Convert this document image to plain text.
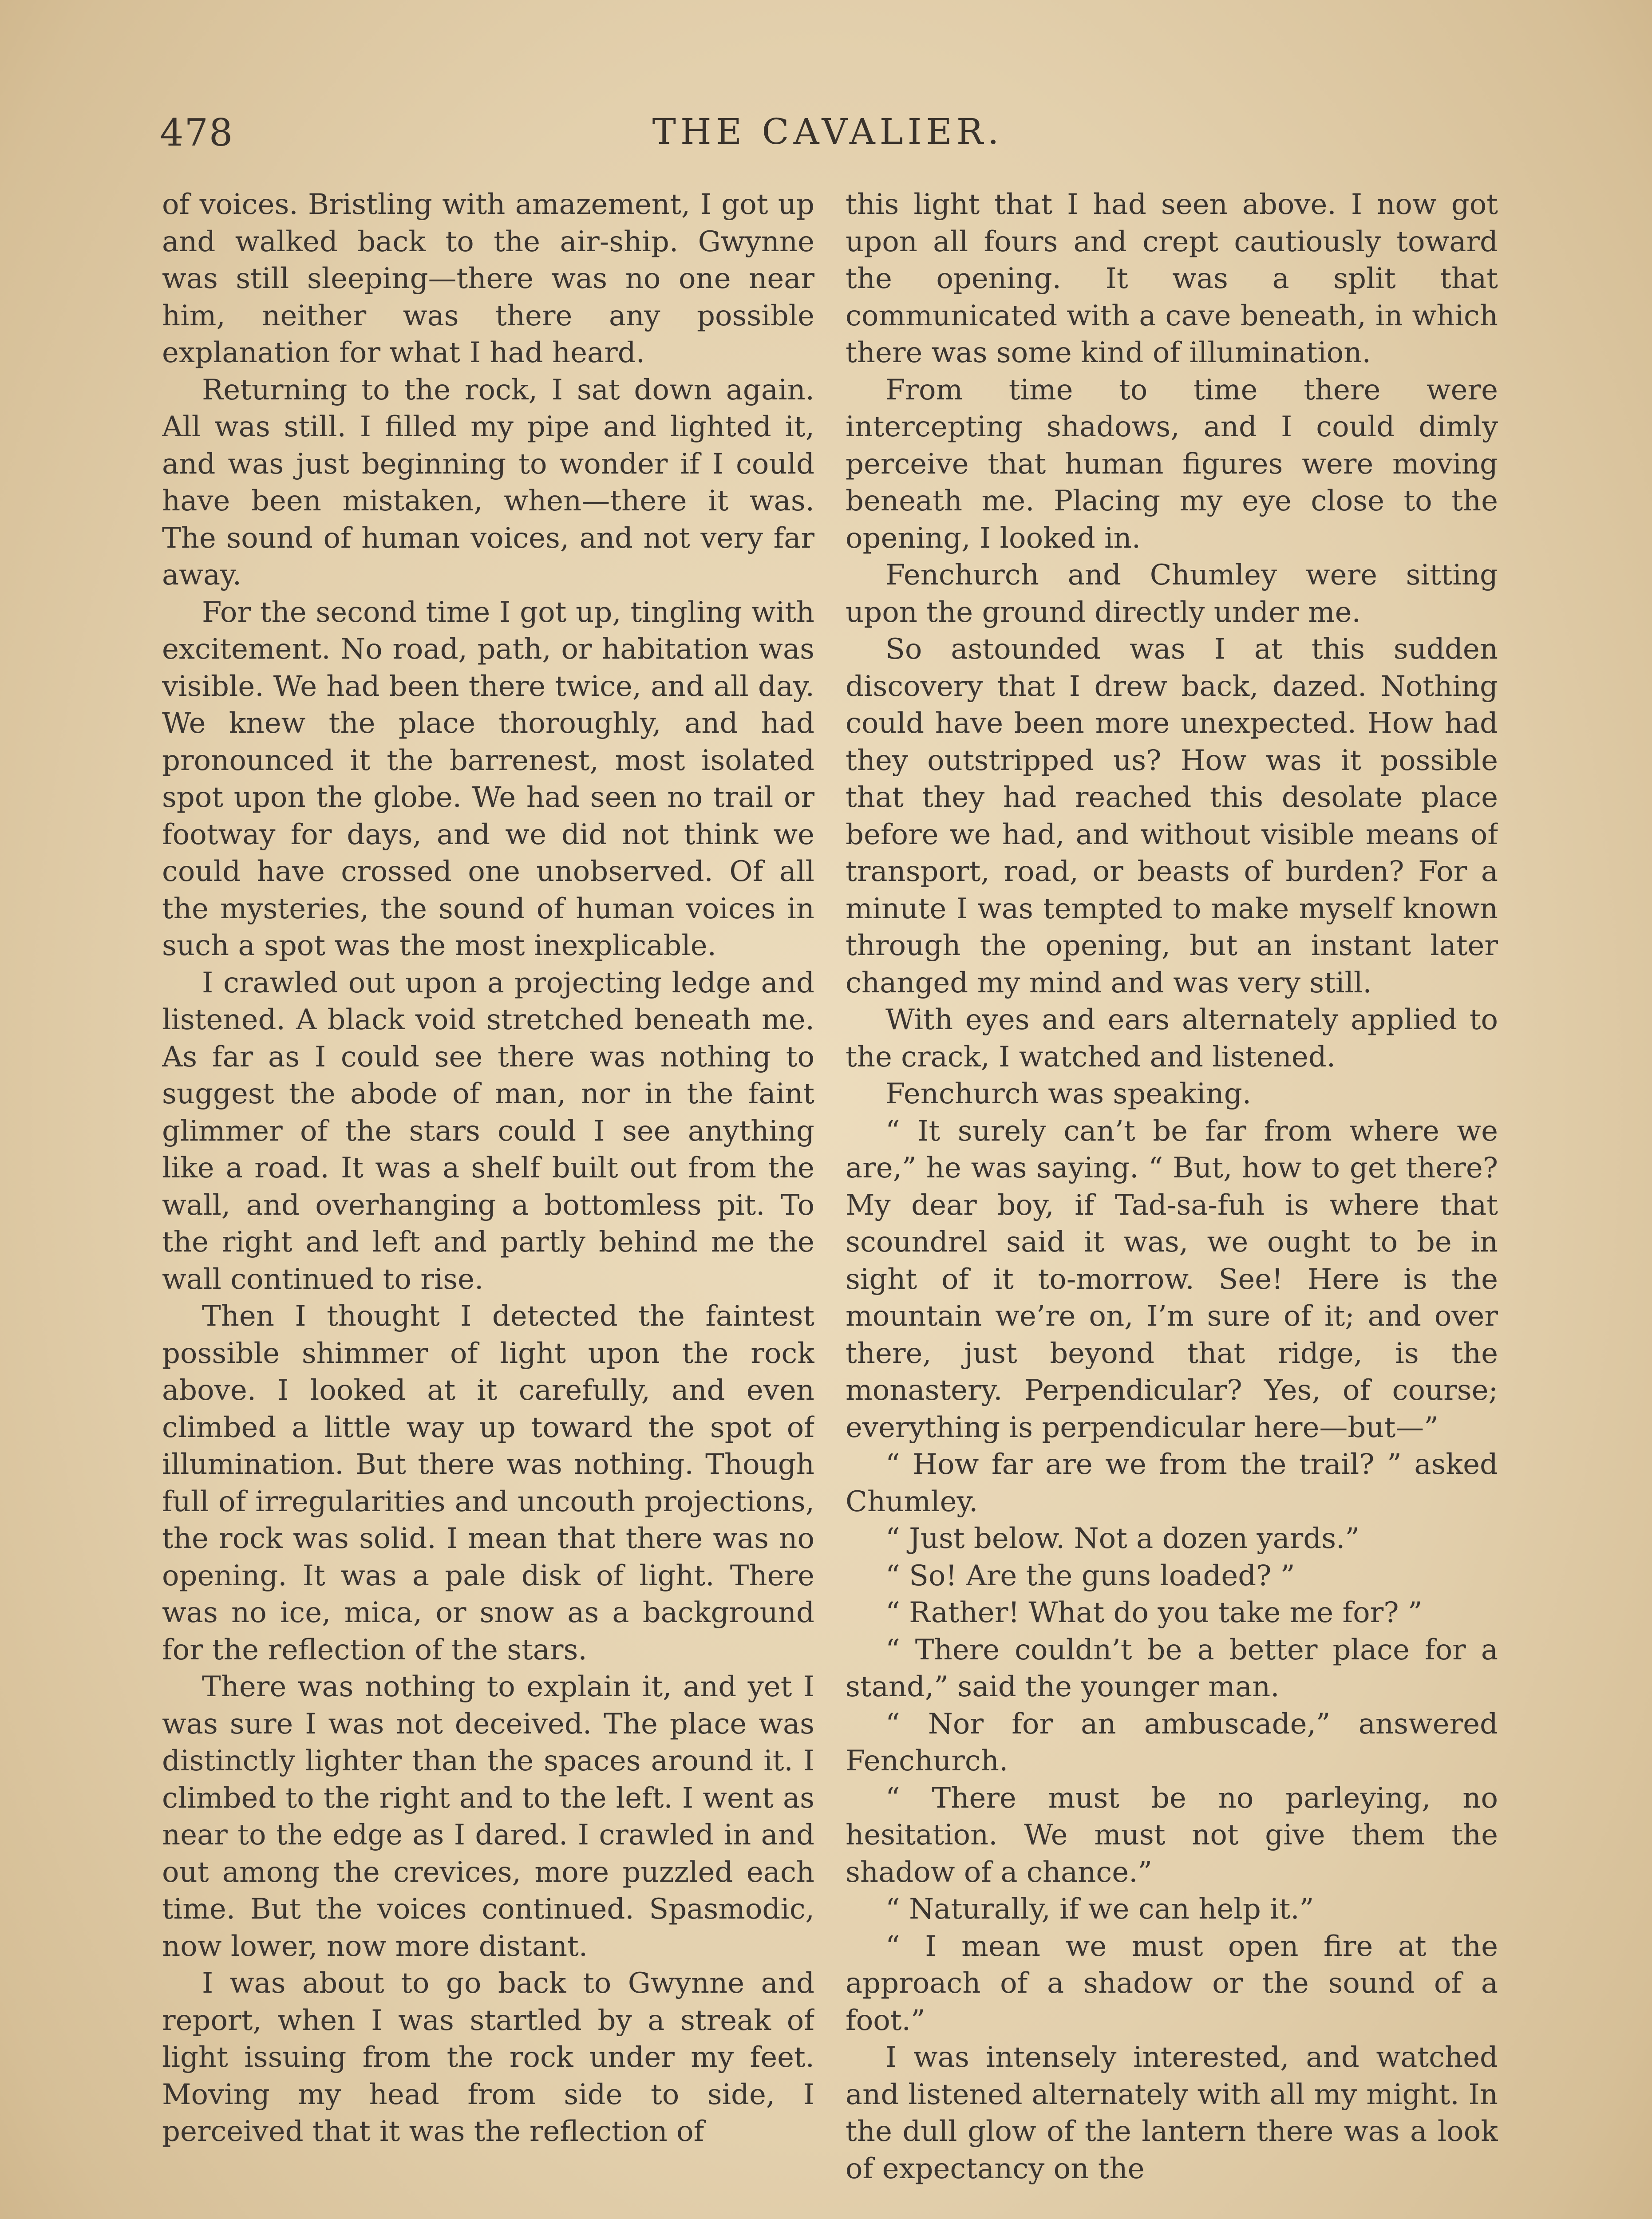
478	THE CAVALIER.

of voices. Bristling with amazement, I got up and walked back to the air-ship. Gwynne was still sleeping—there was no one near him, neither was there any possible explanation for what I had heard.

Returning to the rock, I sat down again. All was still. I filled my pipe and lighted it, and was just beginning to wonder if I could have been mistaken, when—there it was. The sound of human voices, and not very far away.

For the second time I got up, tingling with excitement. No road, path, or habitation was visible. We had been there twice, and all day. We knew the place thoroughly, and had pronounced it the barrenest, most isolated spot upon the globe. We had seen no trail or footway for days, and we did not think we could have crossed one unobserved. Of all the mysteries, the sound of human voices in such a spot was the most inexplicable.

I crawled out upon a projecting ledge and listened. A black void stretched beneath me. As far as I could see there was nothing to suggest the abode of man, nor in the faint glimmer of the stars could I see anything like a road. It was a shelf built out from the wall, and overhanging a bottomless pit. To the right and left and partly behind me the wall continued to rise.

Then I thought I detected the faintest possible shimmer of light upon the rock above. I looked at it carefully, and even climbed a little way up toward the spot of illumination. But there was nothing. Though full of irregularities and uncouth projections, the rock was solid. I mean that there was no opening. It was a pale disk of light. There was no ice, mica, or snow as a background for the reflection of the stars.

There was nothing to explain it, and yet I was sure I was not deceived. The place was distinctly lighter than the spaces around it. I climbed to the right and to the left. I went as near to the edge as I dared. I crawled in and out among the crevices, more puzzled each time. But the voices continued. Spasmodic, now lower, now more distant.

I was about to go back to Gwynne and report, when I was startled by a streak of light issuing from the rock under my feet. Moving my head from side to side, I perceived that it was the reflection of

this light that I had seen above. I now got upon all fours and crept cautiously toward the opening. It was a split that communicated with a cave beneath, in which there was some kind of illumination.

From time to time there were intercepting shadows, and I could dimly perceive that human figures were moving beneath me. Placing my eye close to the opening, I looked in.

Fenchurch and Chumley were sitting upon the ground directly under me.

So astounded was I at this sudden discovery that I drew back, dazed. Nothing could have been more unexpected. How had they outstripped us? How was it possible that they had reached this desolate place before we had, and without visible means of transport, road, or beasts of burden? For a minute I was tempted to make myself known through the opening, but an instant later changed my mind and was very still.

With eyes and ears alternately applied to the crack, I watched and listened.

Fenchurch was speaking.

“ It surely can’t be far from where we are,” he was saying. “ But, how to get there? My dear boy, if Tad-sa-fuh is where that scoundrel said it was, we ought to be in sight of it to-morrow. See! Here is the mountain we’re on, I’m sure of it; and over there, just beyond that ridge, is the monastery. Perpendicular? Yes, of course; everything is perpendicular here—but—”

“ How far are we from the trail? ” asked Chumley.

“ Just below. Not a dozen yards.”

“ So! Are the guns loaded? ”

“ Rather! What do you take me for? ”

“ There couldn’t be a better place for a stand,” said the younger man.

“ Nor for an ambuscade,” answered Fenchurch.

“ There must be no parleying, no hesitation. We must not give them the shadow of a chance.”

“ Naturally, if we can help it.”

“ I mean we must open fire at the approach of a shadow or the sound of a foot.”

I was intensely interested, and watched and listened alternately with all my might. In the dull glow of the lantern there was a look of expectancy on the
